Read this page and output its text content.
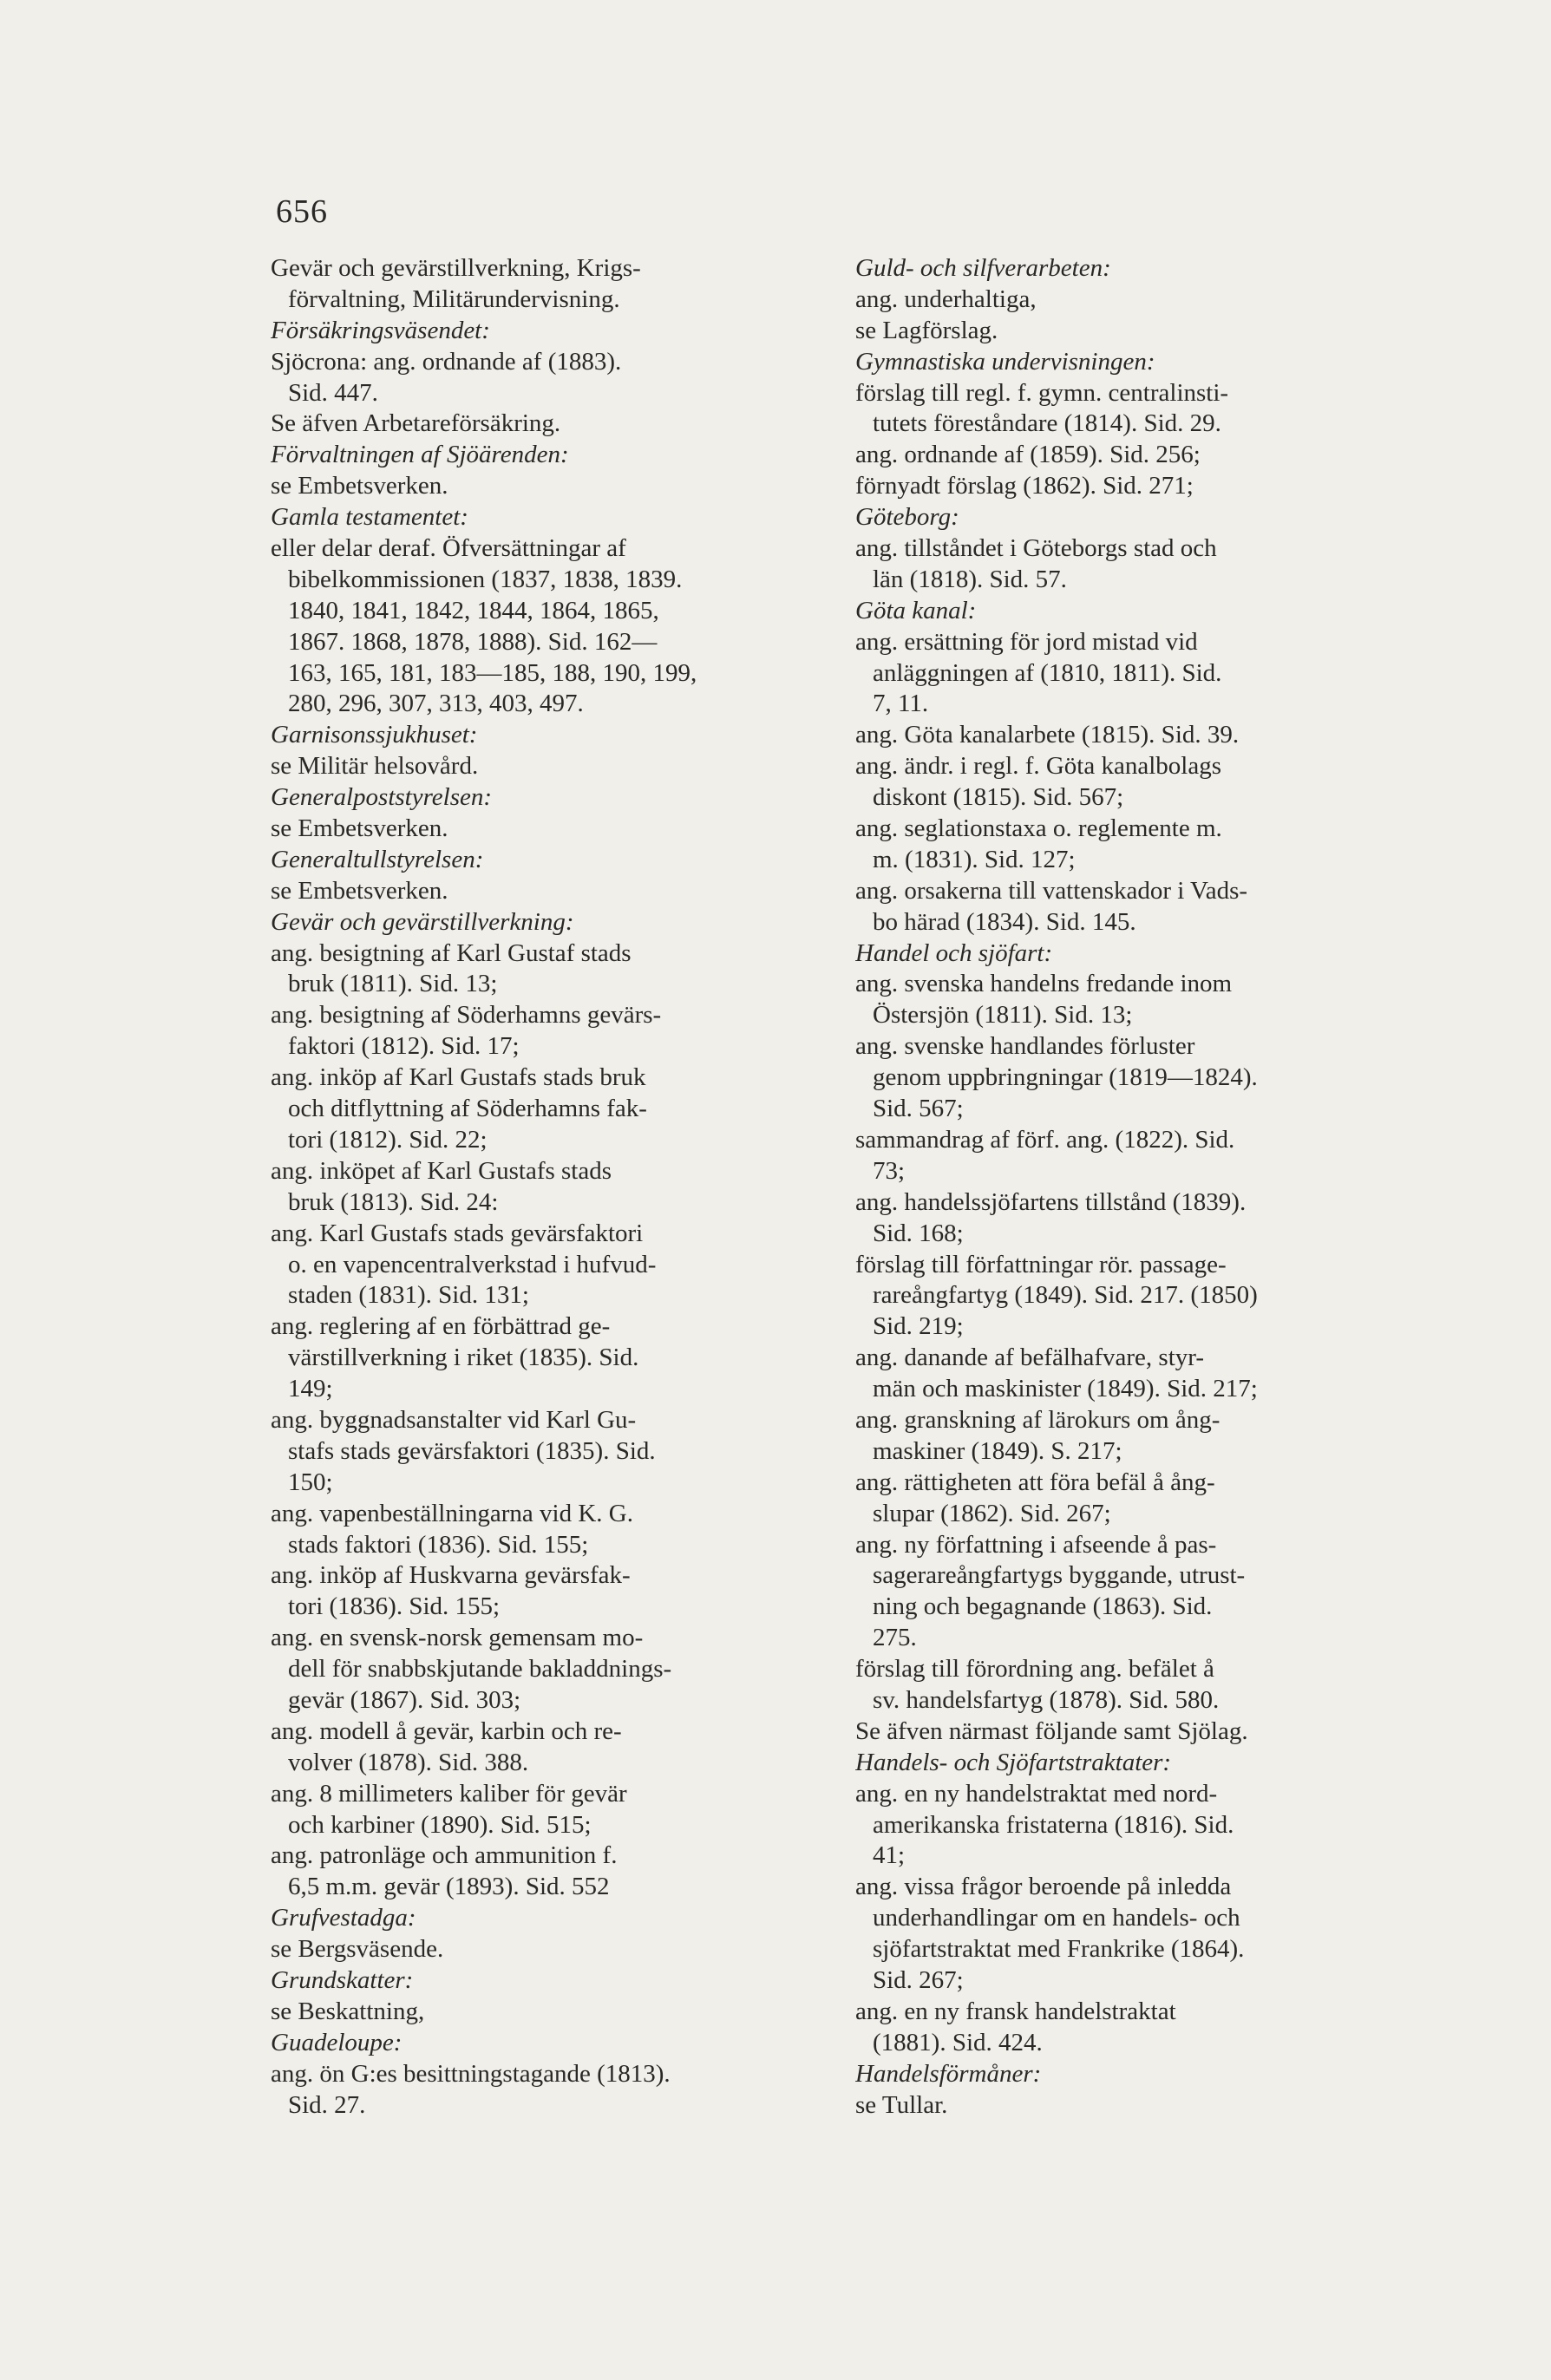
656
Gevär och gevärstillverkning, Krigs-
förvaltning, Militärundervisning.
Försäkringsväsendet:
Sjöcrona: ang. ordnande af (1883).
Sid. 447.
Se äfven Arbetareförsäkring.
Förvaltningen af Sjöärenden:
se Embetsverken.
Gamla testamentet:
eller delar deraf. Öfversättningar af
bibelkommissionen (1837, 1838, 1839.
1840, 1841, 1842, 1844, 1864, 1865,
1867. 1868, 1878, 1888). Sid. 162—
163, 165, 181, 183—185, 188, 190, 199,
280, 296, 307, 313, 403, 497.
Garnisonssjukhuset:
se Militär helsovård.
Generalpoststyrelsen:
se Embetsverken.
Generaltullstyrelsen:
se Embetsverken.
Gevär och gevärstillverkning:
ang. besigtning af Karl Gustaf stads
bruk (1811). Sid. 13;
ang. besigtning af Söderhamns gevärs-
faktori (1812). Sid. 17;
ang. inköp af Karl Gustafs stads bruk
och ditflyttning af Söderhamns fak-
tori (1812). Sid. 22;
ang. inköpet af Karl Gustafs stads
bruk (1813). Sid. 24:
ang. Karl Gustafs stads gevärsfaktori
o. en vapencentralverkstad i hufvud-
staden (1831). Sid. 131;
ang. reglering af en förbättrad ge-
värstillverkning i riket (1835). Sid.
149;
ang. byggnadsanstalter vid Karl Gu-
stafs stads gevärsfaktori (1835). Sid.
150;
ang. vapenbeställningarna vid K. G.
stads faktori (1836). Sid. 155;
ang. inköp af Huskvarna gevärsfak-
tori (1836). Sid. 155;
ang. en svensk-norsk gemensam mo-
dell för snabbskjutande bakladdnings-
gevär (1867). Sid. 303;
ang. modell å gevär, karbin och re-
volver (1878). Sid. 388.
ang. 8 millimeters kaliber för gevär
och karbiner (1890). Sid. 515;
ang. patronläge och ammunition f.
6,5 m.m. gevär (1893). Sid. 552
Grufvestadga:
se Bergsväsende.
Grundskatter:
se Beskattning,
Guadeloupe:
ang. ön G:es besittningstagande (1813).
Sid. 27.
Guld- och silfverarbeten:
ang. underhaltiga,
se Lagförslag.
Gymnastiska undervisningen:
förslag till regl. f. gymn. centralinsti-
tutets föreståndare (1814). Sid. 29.
ang. ordnande af (1859). Sid. 256;
förnyadt förslag (1862). Sid. 271;
Göteborg:
ang. tillståndet i Göteborgs stad och
län (1818). Sid. 57.
Göta kanal:
ang. ersättning för jord mistad vid
anläggningen af (1810, 1811). Sid.
7, 11.
ang. Göta kanalarbete (1815). Sid. 39.
ang. ändr. i regl. f. Göta kanalbolags
diskont (1815). Sid. 567;
ang. seglationstaxa o. reglemente m.
m. (1831). Sid. 127;
ang. orsakerna till vattenskador i Vads-
bo härad (1834). Sid. 145.
Handel och sjöfart:
ang. svenska handelns fredande inom
Östersjön (1811). Sid. 13;
ang. svenske handlandes förluster
genom uppbringningar (1819—1824).
Sid. 567;
sammandrag af förf. ang. (1822). Sid.
73;
ang. handelssjöfartens tillstånd (1839).
Sid. 168;
förslag till författningar rör. passage-
rareångfartyg (1849). Sid. 217. (1850)
Sid. 219;
ang. danande af befälhafvare, styr-
män och maskinister (1849). Sid. 217;
ang. granskning af lärokurs om ång-
maskiner (1849). S. 217;
ang. rättigheten att föra befäl å ång-
slupar (1862). Sid. 267;
ang. ny författning i afseende å pas-
sagerareångfartygs byggande, utrust-
ning och begagnande (1863). Sid.
275.
förslag till förordning ang. befälet å
sv. handelsfartyg (1878). Sid. 580.
Se äfven närmast följande samt Sjölag.
Handels- och Sjöfartstraktater:
ang. en ny handelstraktat med nord-
amerikanska fristaterna (1816). Sid.
41;
ang. vissa frågor beroende på inledda
underhandlingar om en handels- och
sjöfartstraktat med Frankrike (1864).
Sid. 267;
ang. en ny fransk handelstraktat
(1881). Sid. 424.
Handelsförmåner:
se Tullar.
